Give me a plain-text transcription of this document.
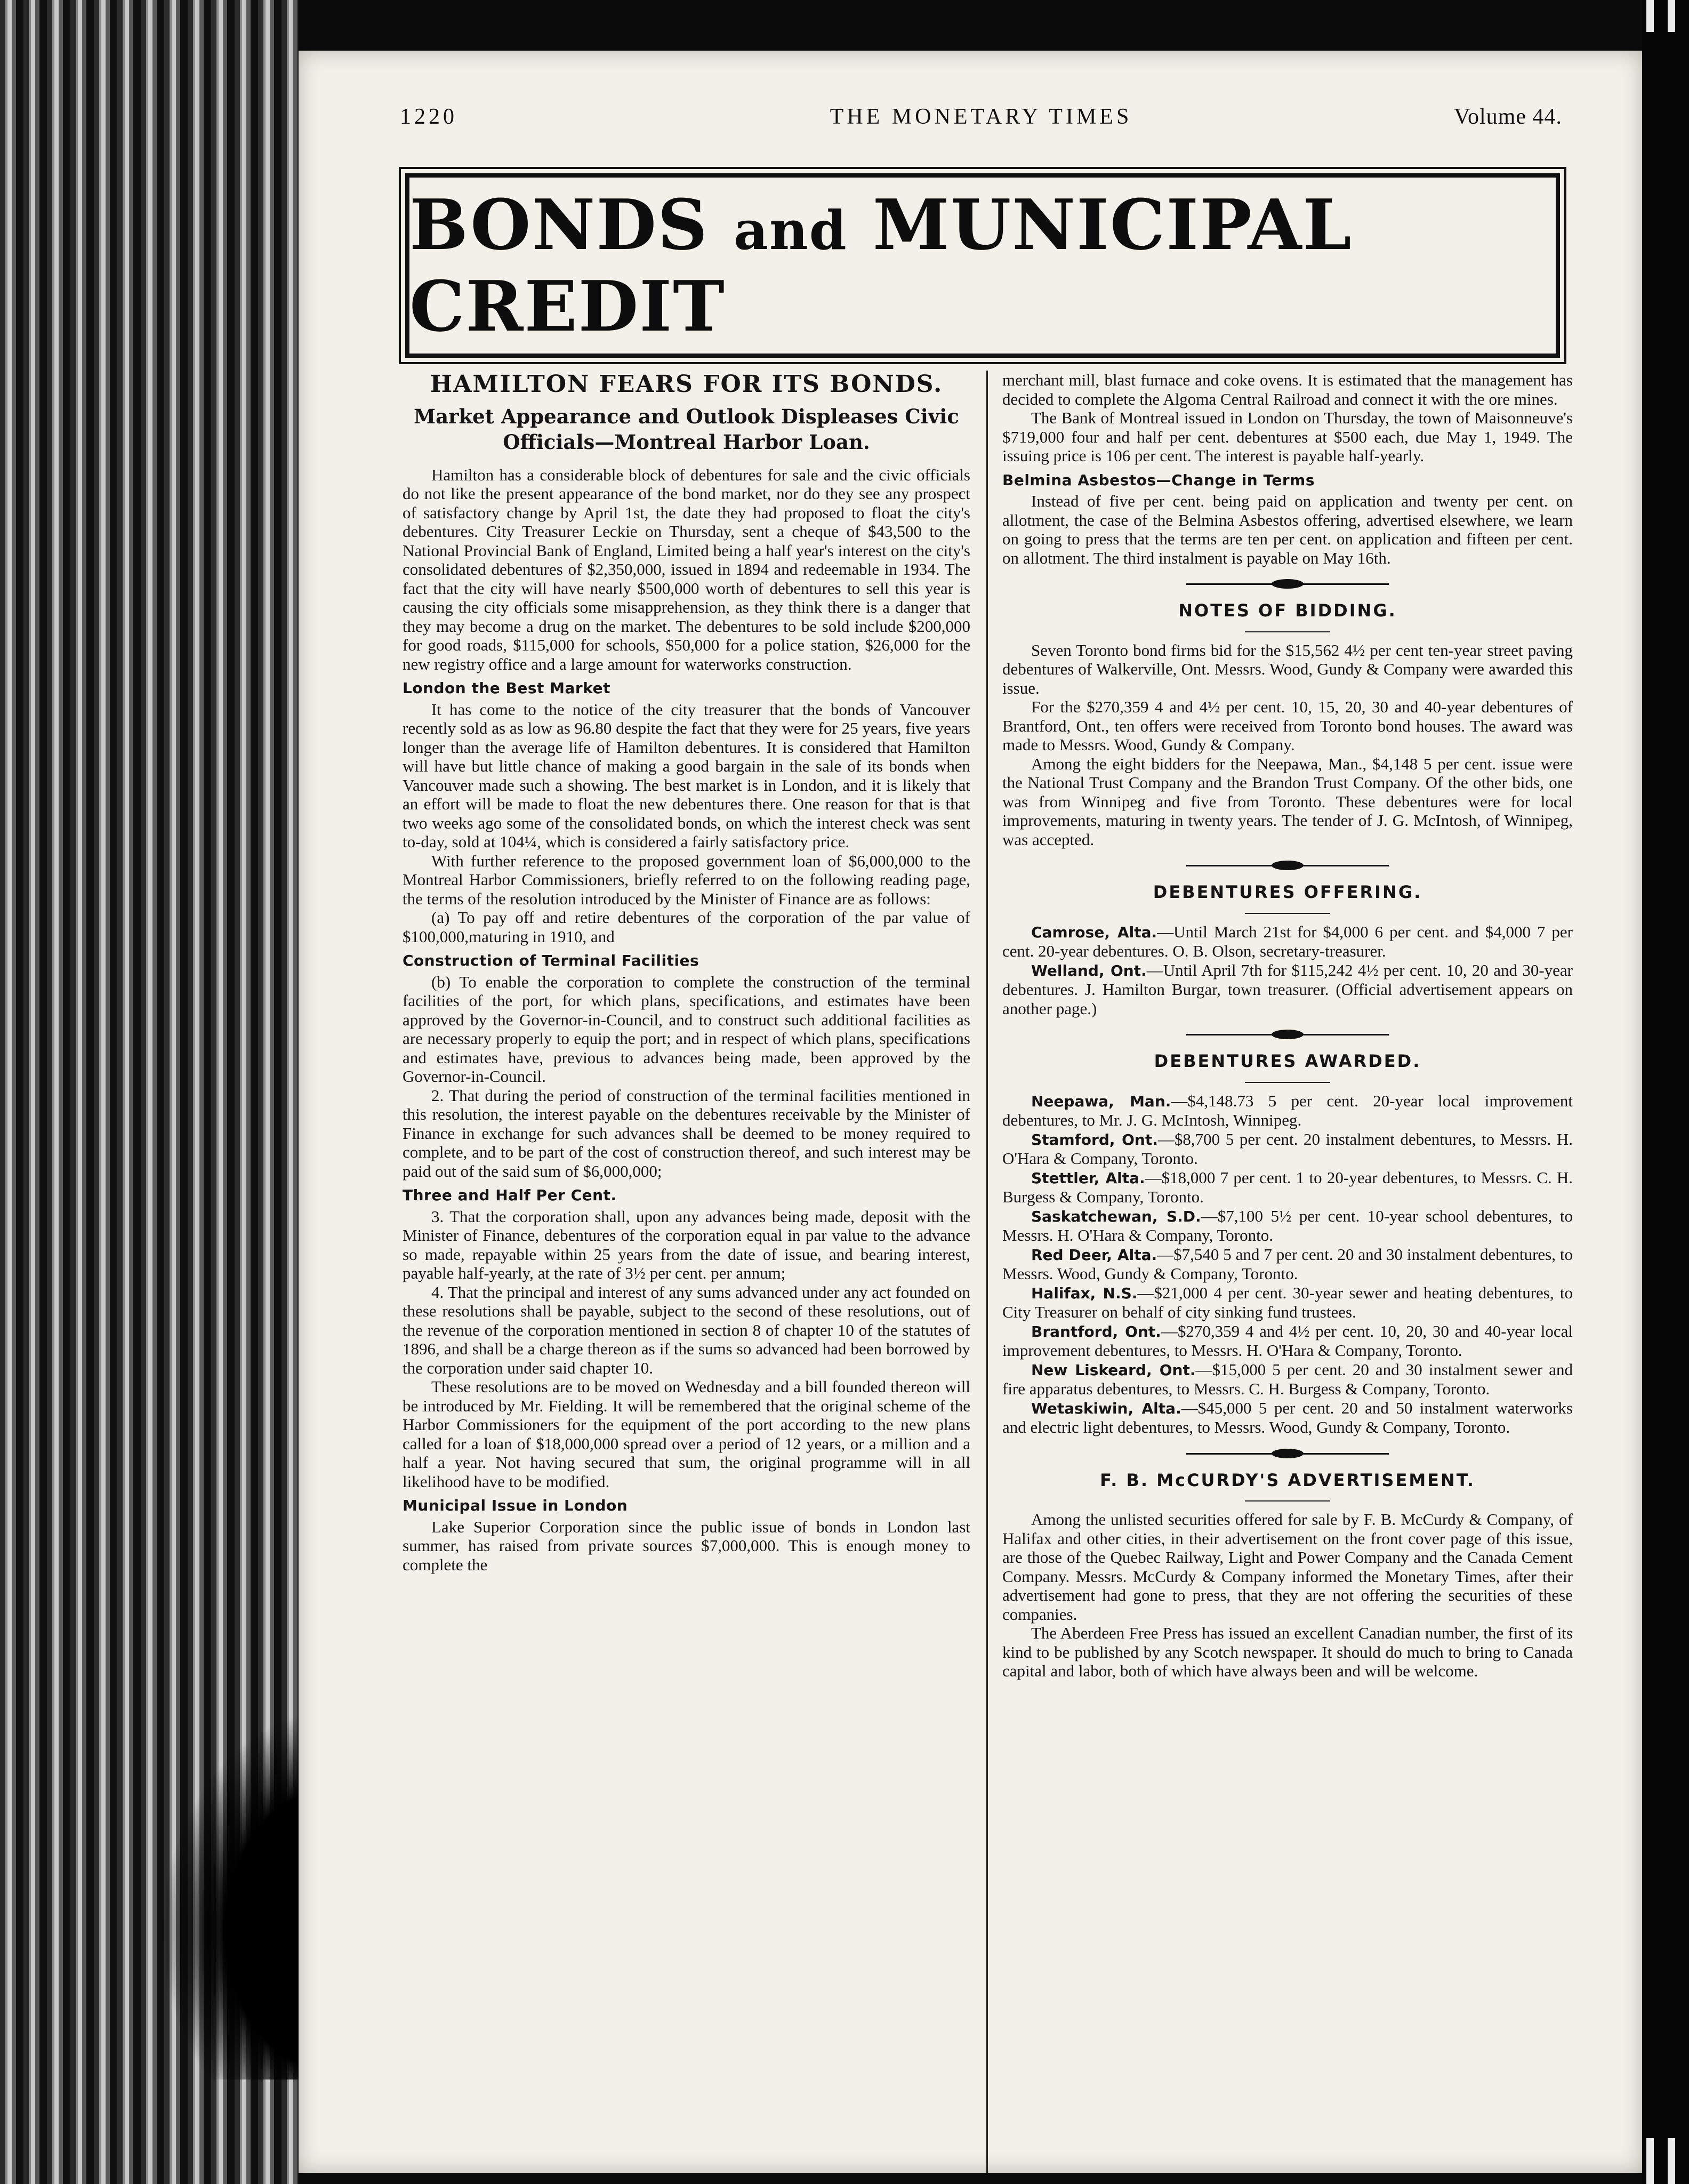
1220	THE MONETARY TIMES	Volume 44.
BONDS and MUNICIPAL CREDIT
HAMILTON FEARS FOR ITS BONDS.
Market Appearance and Outlook Displeases Civic
Officials—Montreal Harbor Loan.

Hamilton has a considerable block of debentures for sale and the civic officials do not like the present appearance of the bond market, nor do they see any prospect of satisfactory change by April 1st, the date they had proposed to float the city's debentures. City Treasurer Leckie on Thursday, sent a cheque of $43,500 to the National Provincial Bank of England, Limited being a half year's interest on the city's consolidated debentures of $2,350,000, issued in 1894 and redeemable in 1934. The fact that the city will have nearly $500,000 worth of debentures to sell this year is causing the city officials some misapprehension, as they think there is a danger that they may become a drug on the market. The debentures to be sold include $200,000 for good roads, $115,000 for schools, $50,000 for a police station, $26,000 for the new registry office and a large amount for waterworks construction.

London the Best Market

It has come to the notice of the city treasurer that the bonds of Vancouver recently sold as as low as 96.80 despite the fact that they were for 25 years, five years longer than the average life of Hamilton debentures. It is considered that Hamilton will have but little chance of making a good bargain in the sale of its bonds when Vancouver made such a showing. The best market is in London, and it is likely that an effort will be made to float the new debentures there. One reason for that is that two weeks ago some of the consolidated bonds, on which the interest check was sent to-day, sold at 104¼, which is considered a fairly satisfactory price.

With further reference to the proposed government loan of $6,000,000 to the Montreal Harbor Commissioners, briefly referred to on the following reading page, the terms of the resolution introduced by the Minister of Finance are as follows:

(a) To pay off and retire debentures of the corporation of the par value of $100,000,maturing in 1910, and

Construction of Terminal Facilities

(b) To enable the corporation to complete the construction of the terminal facilities of the port, for which plans, specifications, and estimates have been approved by the Governor-in-Council, and to construct such additional facilities as are necessary properly to equip the port; and in respect of which plans, specifications and estimates have, previous to advances being made, been approved by the Governor-in-Council.

2. That during the period of construction of the terminal facilities mentioned in this resolution, the interest payable on the debentures receivable by the Minister of Finance in exchange for such advances shall be deemed to be money required to complete, and to be part of the cost of construction thereof, and such interest may be paid out of the said sum of $6,000,000;

Three and Half Per Cent.

3. That the corporation shall, upon any advances being made, deposit with the Minister of Finance, debentures of the corporation equal in par value to the advance so made, repayable within 25 years from the date of issue, and bearing interest, payable half-yearly, at the rate of 3½ per cent. per annum;

4. That the principal and interest of any sums advanced under any act founded on these resolutions shall be payable, subject to the second of these resolutions, out of the revenue of the corporation mentioned in section 8 of chapter 10 of the statutes of 1896, and shall be a charge thereon as if the sums so advanced had been borrowed by the corporation under said chapter 10.

These resolutions are to be moved on Wednesday and a bill founded thereon will be introduced by Mr. Fielding. It will be remembered that the original scheme of the Harbor Commissioners for the equipment of the port according to the new plans called for a loan of $18,000,000 spread over a period of 12 years, or a million and a half a year. Not having secured that sum, the original programme will in all likelihood have to be modified.

Municipal Issue in London

Lake Superior Corporation since the public issue of bonds in London last summer, has raised from private sources $7,000,000. This is enough money to complete the

merchant mill, blast furnace and coke ovens. It is estimated that the management has decided to complete the Algoma Central Railroad and connect it with the ore mines.

The Bank of Montreal issued in London on Thursday, the town of Maisonneuve's $719,000 four and half per cent. debentures at $500 each, due May 1, 1949. The issuing price is 106 per cent. The interest is payable half-yearly.

Belmina Asbestos—Change in Terms

Instead of five per cent. being paid on application and twenty per cent. on allotment, the case of the Belmina Asbestos offering, advertised elsewhere, we learn on going to press that the terms are ten per cent. on application and fifteen per cent. on allotment. The third instalment is payable on May 16th.

NOTES OF BIDDING.

Seven Toronto bond firms bid for the $15,562 4½ per cent ten-year street paving debentures of Walkerville, Ont. Messrs. Wood, Gundy & Company were awarded this issue.

For the $270,359 4 and 4½ per cent. 10, 15, 20, 30 and 40-year debentures of Brantford, Ont., ten offers were received from Toronto bond houses. The award was made to Messrs. Wood, Gundy & Company.

Among the eight bidders for the Neepawa, Man., $4,148 5 per cent. issue were the National Trust Company and the Brandon Trust Company. Of the other bids, one was from Winnipeg and five from Toronto. These debentures were for local improvements, maturing in twenty years. The tender of J. G. McIntosh, of Winnipeg, was accepted.

DEBENTURES OFFERING.

Camrose, Alta.—Until March 21st for $4,000 6 per cent. and $4,000 7 per cent. 20-year debentures. O. B. Olson, secretary-treasurer.

Welland, Ont.—Until April 7th for $115,242 4½ per cent. 10, 20 and 30-year debentures. J. Hamilton Burgar, town treasurer. (Official advertisement appears on another page.)

DEBENTURES AWARDED.

Neepawa, Man.—$4,148.73 5 per cent. 20-year local improvement debentures, to Mr. J. G. McIntosh, Winnipeg.

Stamford, Ont.—$8,700 5 per cent. 20 instalment debentures, to Messrs. H. O'Hara & Company, Toronto.

Stettler, Alta.—$18,000 7 per cent. 1 to 20-year debentures, to Messrs. C. H. Burgess & Company, Toronto.

Saskatchewan, S.D.—$7,100 5½ per cent. 10-year school debentures, to Messrs. H. O'Hara & Company, Toronto.

Red Deer, Alta.—$7,540 5 and 7 per cent. 20 and 30 instalment debentures, to Messrs. Wood, Gundy & Company, Toronto.

Halifax, N.S.—$21,000 4 per cent. 30-year sewer and heating debentures, to City Treasurer on behalf of city sinking fund trustees.

Brantford, Ont.—$270,359 4 and 4½ per cent. 10, 20, 30 and 40-year local improvement debentures, to Messrs. H. O'Hara & Company, Toronto.

New Liskeard, Ont.—$15,000 5 per cent. 20 and 30 instalment sewer and fire apparatus debentures, to Messrs. C. H. Burgess & Company, Toronto.

Wetaskiwin, Alta.—$45,000 5 per cent. 20 and 50 instalment waterworks and electric light debentures, to Messrs. Wood, Gundy & Company, Toronto.

F. B. McCURDY'S ADVERTISEMENT.

Among the unlisted securities offered for sale by F. B. McCurdy & Company, of Halifax and other cities, in their advertisement on the front cover page of this issue, are those of the Quebec Railway, Light and Power Company and the Canada Cement Company. Messrs. McCurdy & Company informed the Monetary Times, after their advertisement had gone to press, that they are not offering the securities of these companies.

The Aberdeen Free Press has issued an excellent Canadian number, the first of its kind to be published by any Scotch newspaper. It should do much to bring to Canada capital and labor, both of which have always been and will be welcome.
